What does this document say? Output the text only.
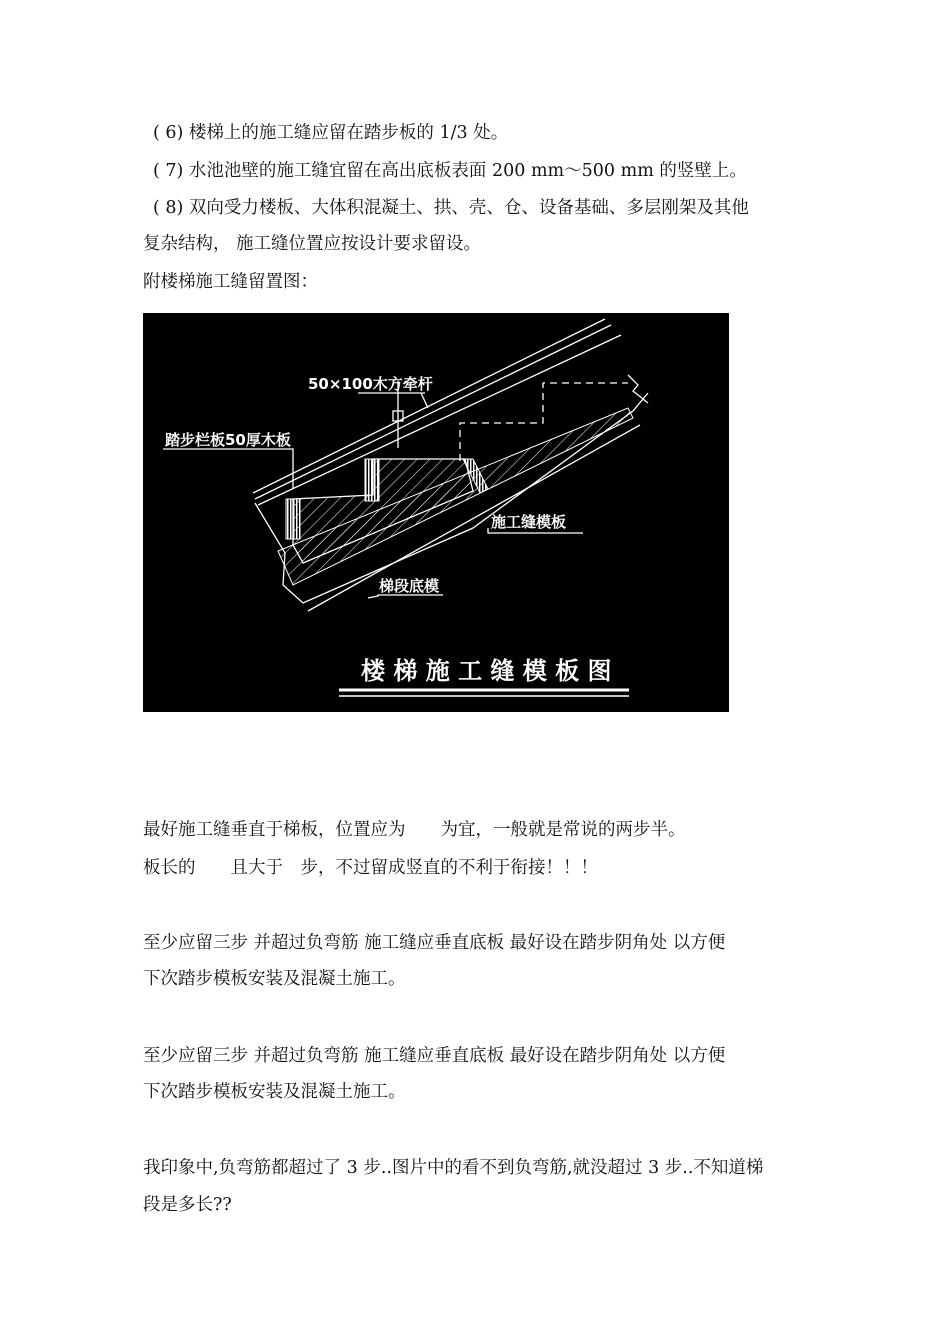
( 6) 楼梯上的施工缝应留在踏步板的 1/3 处。
( 7) 水池池壁的施工缝宜留在高出底板表面 200 mm～500 mm 的竖壁上。
( 8) 双向受力楼板、大体积混凝土、拱、壳、仓、设备基础、多层刚架及其他
复杂结构， 施工缝位置应按设计要求留设。
附楼梯施工缝留置图：
50×100木方牵杆
踏步栏板50厚木板
施工缝模板
梯段底模
楼 梯 施 工 缝 模 板 图
最好施工缝垂直于梯板，位置应为　　为宜，一般就是常说的两步半。
板长的　　且大于　步，不过留成竖直的不利于衔接！！！
至少应留三步 并超过负弯筋 施工缝应垂直底板 最好设在踏步阴角处 以方便
下次踏步模板安装及混凝土施工。
至少应留三步 并超过负弯筋 施工缝应垂直底板 最好设在踏步阴角处 以方便
下次踏步模板安装及混凝土施工。
我印象中,负弯筋都超过了 3 步..图片中的看不到负弯筋,就没超过 3 步..不知道梯
段是多长??
